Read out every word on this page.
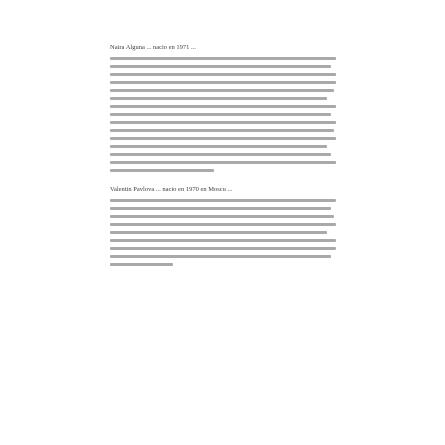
Naira Alguna ... nacio en 1971 ...
Valentin Pavlova ... nacio en 1970 en Moscu ...
